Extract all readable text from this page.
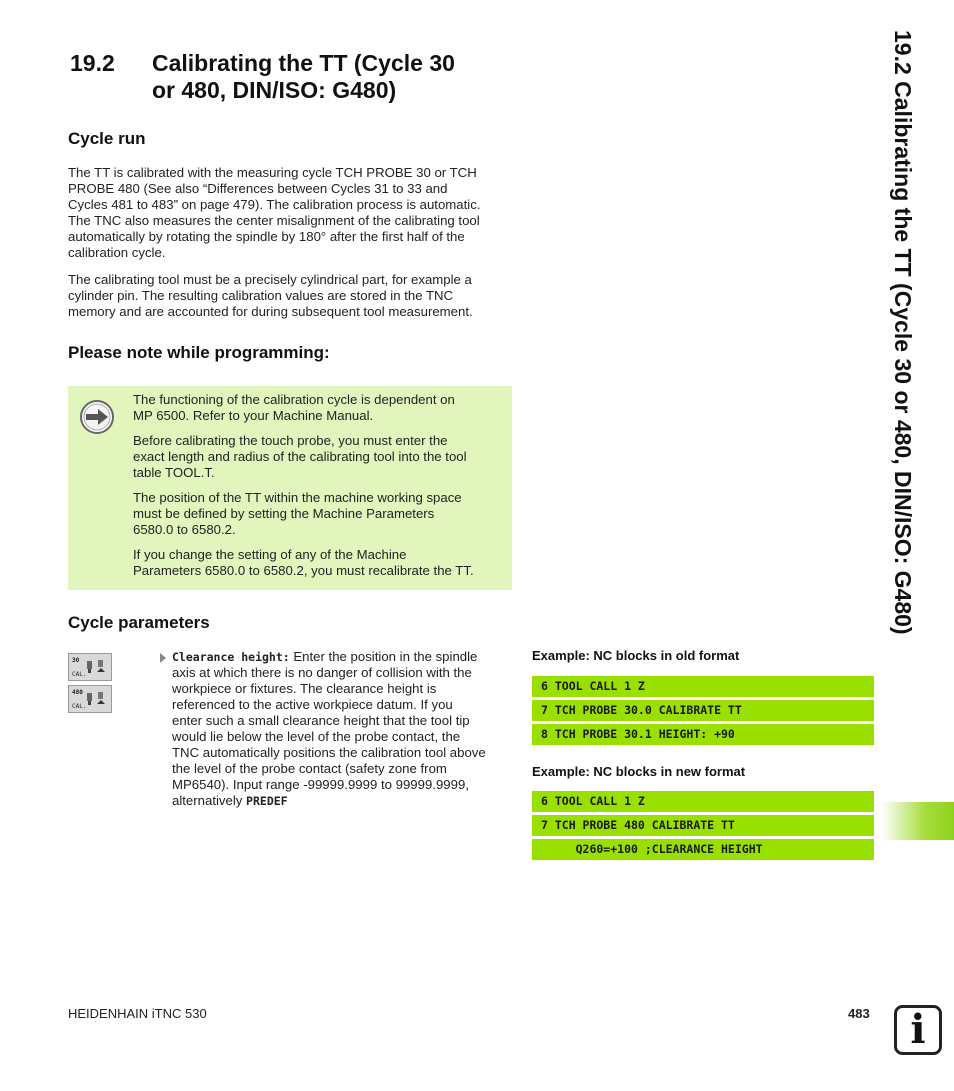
19.2 Calibrating the TT (Cycle 30
or 480, DIN/ISO: G480)	19.2 Calibrating the TT (Cycle 30 or 480, DIN/ISO: G480)
Cycle run

The TT is calibrated with the measuring cycle TCH PROBE 30 or TCH

PROBE 480 (See also “Differences between Cycles 31 to 33 and

Cycles 481 to 483” on page 479). The calibration process is automatic.

The TNC also measures the center misalignment of the calibrating tool

automatically by rotating the spindle by 180° after the first half of the

calibration cycle.

The calibrating tool must be a precisely cylindrical part, for example a

cylinder pin. The resulting calibration values are stored in the TNC

memory and are accounted for during subsequent tool measurement.

Please note while programming:

The functioning of the calibration cycle is dependent on
MP 6500. Refer to your Machine Manual.

Before calibrating the touch probe, you must enter the
exact length and radius of the calibrating tool into the tool
table TOOL.T.

The position of the TT within the machine working space
must be defined by setting the Machine Parameters
6580.0 to 6580.2.

If you change the setting of any of the Machine
Parameters 6580.0 to 6580.2, you must recalibrate the TT.

Cycle parameters
30
CAL.
480
CAL.
Clearance height: Enter the position in the spindle
axis at which there is no danger of collision with the
workpiece or fixtures. The clearance height is
referenced to the active workpiece datum. If you
enter such a small clearance height that the tool tip
would lie below the level of the probe contact, the
TNC automatically positions the calibration tool above
the level of the probe contact (safety zone from
MP6540). Input range -99999.9999 to 99999.9999,
alternatively PREDEF
Example: NC blocks in old format
6 TOOL CALL 1 Z
7 TCH PROBE 30.0 CALIBRATE TT
8 TCH PROBE 30.1 HEIGHT: +90
Example: NC blocks in new format
6 TOOL CALL 1 Z
7 TCH PROBE 480 CALIBRATE TT
Q260=+100 ;CLEARANCE HEIGHT
HEIDENHAIN iTNC 530	483	i
